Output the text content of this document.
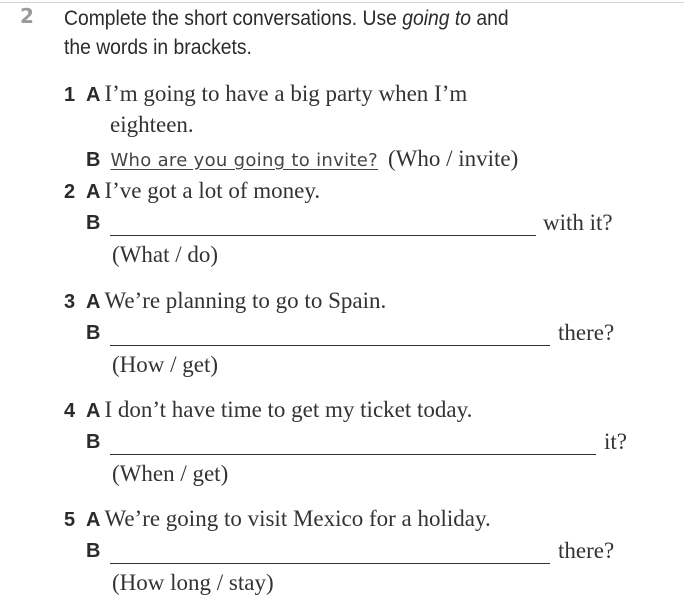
2 Complete the short conversations. Use going to and
the words in brackets.
1 A I’m going to have a big party when I’m
eighteen.
B Who are you going to invite? (Who / invite)
2 A I’ve got a lot of money.
B	with it?
(What / do)
3 A We’re planning to go to Spain.
B	there?
(How / get)
4 A I don’t have time to get my ticket today.
B	it?
(When / get)
5 A We’re going to visit Mexico for a holiday.
B	there?
(How long / stay)
